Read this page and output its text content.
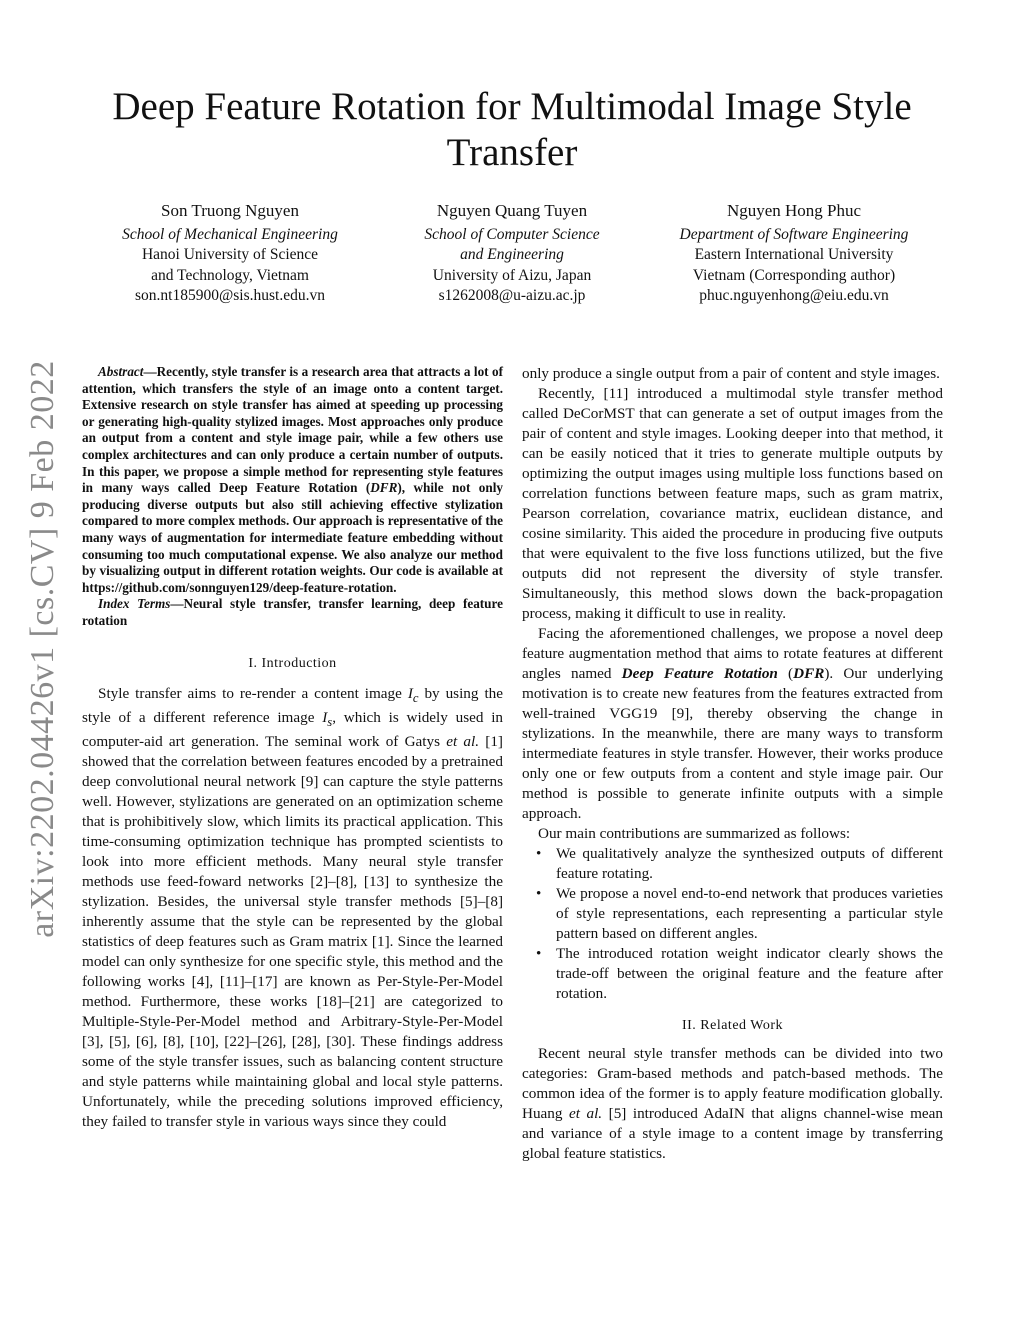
arXiv:2202.04426v1 [cs.CV] 9 Feb 2022
Deep Feature Rotation for Multimodal Image Style Transfer
Son Truong Nguyen
School of Mechanical Engineering
Hanoi University of Science
and Technology, Vietnam
son.nt185900@sis.hust.edu.vn
Nguyen Quang Tuyen
School of Computer Science
and Engineering
University of Aizu, Japan
s1262008@u-aizu.ac.jp
Nguyen Hong Phuc
Department of Software Engineering
Eastern International University
Vietnam (Corresponding author)
phuc.nguyenhong@eiu.edu.vn

Abstract—Recently, style transfer is a research area that attracts a lot of attention, which transfers the style of an image onto a content target. Extensive research on style transfer has aimed at speeding up processing or generating high-quality stylized images. Most approaches only produce an output from a content and style image pair, while a few others use complex architectures and can only produce a certain number of outputs. In this paper, we propose a simple method for representing style features in many ways called Deep Feature Rotation (DFR), while not only producing diverse outputs but also still achieving effective stylization compared to more complex methods. Our approach is representative of the many ways of augmentation for intermediate feature embedding without consuming too much computational expense. We also analyze our method by visualizing output in different rotation weights. Our code is available at https://github.com/sonnguyen129/deep-feature-rotation.

Index Terms—Neural style transfer, transfer learning, deep feature rotation

I. Introduction

Style transfer aims to re-render a content image $I_c$ by using the style of a different reference image $I_s$, which is widely used in computer-aid art generation. The seminal work of Gatys et al. [1] showed that the correlation between features encoded by a pretrained deep convolutional neural network [9] can capture the style patterns well. However, stylizations are generated on an optimization scheme that is prohibitively slow, which limits its practical application. This time-consuming optimization technique has prompted scientists to look into more efficient methods. Many neural style transfer methods use feed-foward networks [2]–[8], [13] to synthesize the stylization. Besides, the universal style transfer methods [5]–[8] inherently assume that the style can be represented by the global statistics of deep features such as Gram matrix [1]. Since the learned model can only synthesize for one specific style, this method and the following works [4], [11]–[17] are known as Per-Style-Per-Model method. Furthermore, these works [18]–[21] are categorized to Multiple-Style-Per-Model method and Arbitrary-Style-Per-Model [3], [5], [6], [8], [10], [22]–[26], [28], [30]. These findings address some of the style transfer issues, such as balancing content structure and style patterns while maintaining global and local style patterns. Unfortunately, while the preceding solutions improved efficiency, they failed to transfer style in various ways since they could

only produce a single output from a pair of content and style images.

Recently, [11] introduced a multimodal style transfer method called DeCorMST that can generate a set of output images from the pair of content and style images. Looking deeper into that method, it can be easily noticed that it tries to generate multiple outputs by optimizing the output images using multiple loss functions based on correlation functions between feature maps, such as gram matrix, Pearson correlation, covariance matrix, euclidean distance, and cosine similarity. This aided the procedure in producing five outputs that were equivalent to the five loss functions utilized, but the five outputs did not represent the diversity of style transfer. Simultaneously, this method slows down the back-propagation process, making it difficult to use in reality.

Facing the aforementioned challenges, we propose a novel deep feature augmentation method that aims to rotate features at different angles named Deep Feature Rotation (DFR). Our underlying motivation is to create new features from the features extracted from well-trained VGG19 [9], thereby observing the change in stylizations. In the meanwhile, there are many ways to transform intermediate features in style transfer. However, their works produce only one or few outputs from a content and style image pair. Our method is possible to generate infinite outputs with a simple approach.

Our main contributions are summarized as follows:

• We qualitatively analyze the synthesized outputs of different feature rotating.
• We propose a novel end-to-end network that produces varieties of style representations, each representing a particular style pattern based on different angles.
• The introduced rotation weight indicator clearly shows the trade-off between the original feature and the feature after rotation.
II. Related Work

Recent neural style transfer methods can be divided into two categories: Gram-based methods and patch-based methods. The common idea of the former is to apply feature modification globally. Huang et al. [5] introduced AdaIN that aligns channel-wise mean and variance of a style image to a content image by transferring global feature statistics.
